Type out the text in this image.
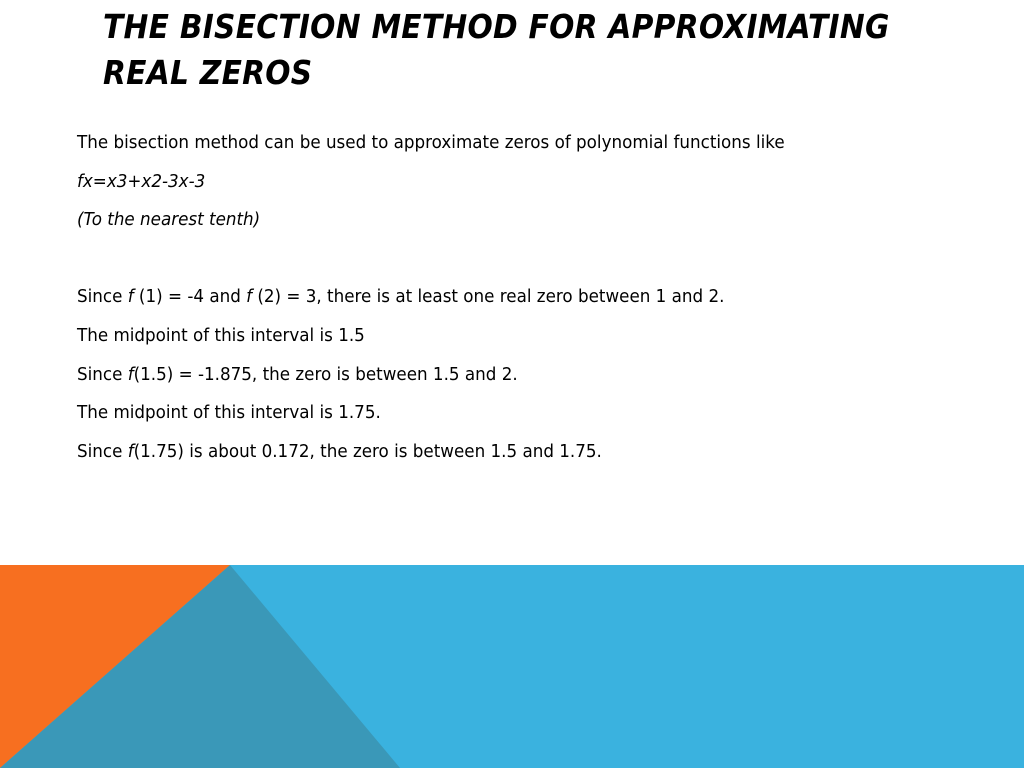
THE BISECTION METHOD FOR APPROXIMATING REAL ZEROS
The bisection method can be used to approximate zeros of polynomial functions like
fx=x3+x2-3x-3
(To the nearest tenth)
Since f (1) = -4 and f (2) = 3, there is at least one real zero between 1 and 2.
The midpoint of this interval is 1.5
Since f(1.5) = -1.875, the zero is between 1.5 and 2.
The midpoint of this interval is 1.75.
Since f(1.75) is about 0.172, the zero is between 1.5 and 1.75.
